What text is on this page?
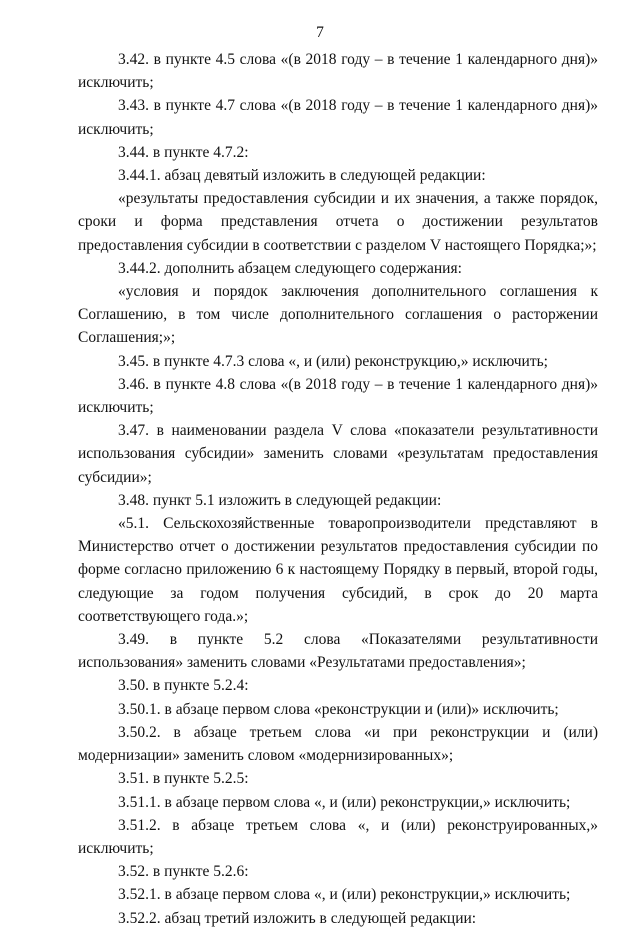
7

3.42. в пункте 4.5 слова «(в 2018 году – в течение 1 календарного дня)» исключить;

3.43. в пункте 4.7 слова «(в 2018 году – в течение 1 календарного дня)» исключить;

3.44. в пункте 4.7.2:

3.44.1. абзац девятый изложить в следующей редакции:

«результаты предоставления субсидии и их значения, а также порядок, сроки и форма представления отчета о достижении результатов предоставления субсидии в соответствии с разделом V настоящего Порядка;»;

3.44.2. дополнить абзацем следующего содержания:

«условия и порядок заключения дополнительного соглашения к Соглашению, в том числе дополнительного соглашения о расторжении Соглашения;»;

3.45. в пункте 4.7.3 слова «, и (или) реконструкцию,» исключить;

3.46. в пункте 4.8 слова «(в 2018 году – в течение 1 календарного дня)» исключить;

3.47. в наименовании раздела V слова «показатели результативности использования субсидии» заменить словами «результатам предоставления субсидии»;

3.48. пункт 5.1 изложить в следующей редакции:

«5.1. Сельскохозяйственные товаропроизводители представляют в Министерство отчет о достижении результатов предоставления субсидии по форме согласно приложению 6 к настоящему Порядку в первый, второй годы, следующие за годом получения субсидий, в срок до 20 марта соответствующего года.»;

3.49. в пункте 5.2 слова «Показателями результативности использования» заменить словами «Результатами предоставления»;

3.50. в пункте 5.2.4:

3.50.1. в абзаце первом слова «реконструкции и (или)» исключить;

3.50.2. в абзаце третьем слова «и при реконструкции и (или) модернизации» заменить словом «модернизированных»;

3.51. в пункте 5.2.5:

3.51.1. в абзаце первом слова «, и (или) реконструкции,» исключить;

3.51.2. в абзаце третьем слова «, и (или) реконструированных,» исключить;

3.52. в пункте 5.2.6:

3.52.1. в абзаце первом слова «, и (или) реконструкции,» исключить;

3.52.2. абзац третий изложить в следующей редакции:
